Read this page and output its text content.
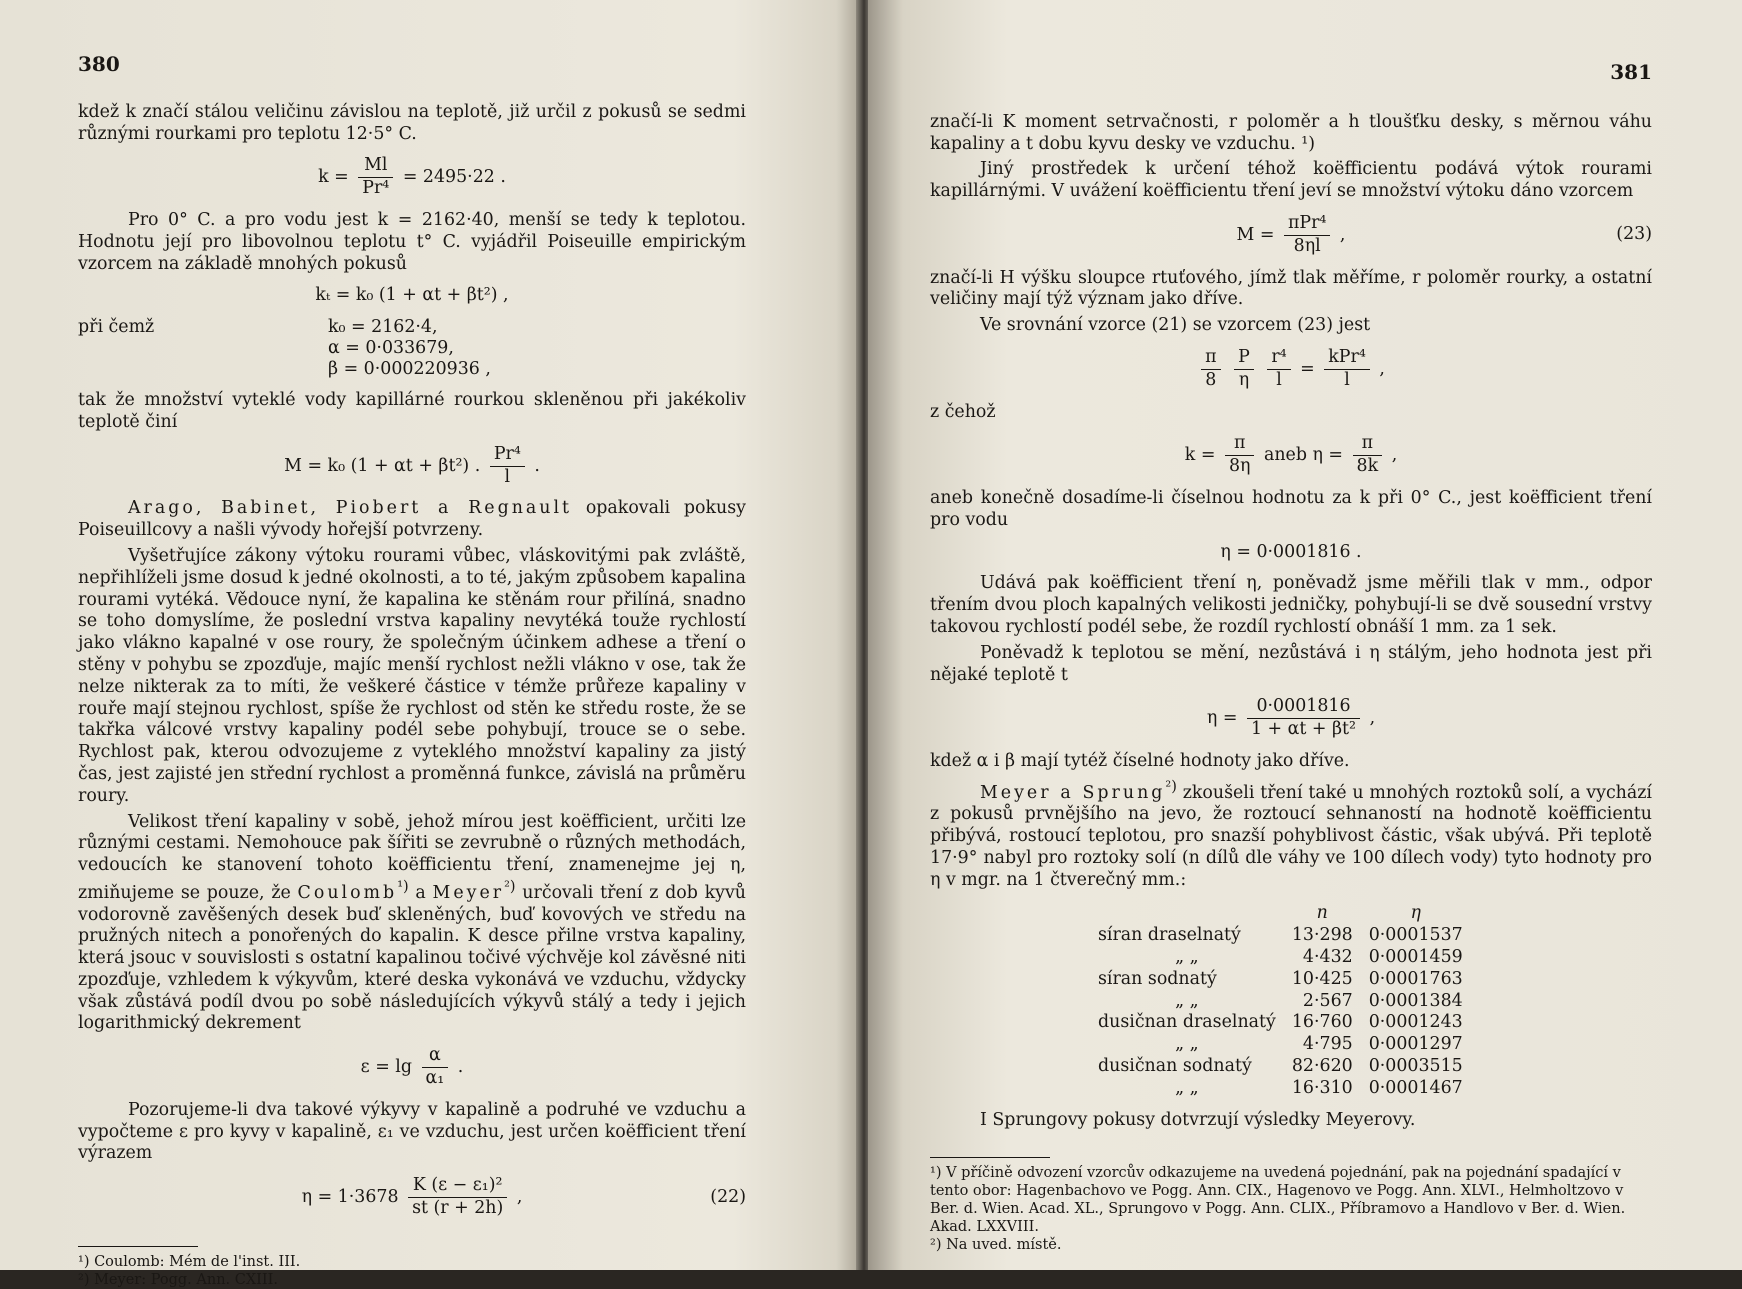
380

kdež k značí stálou veličinu závislou na teplotě, již určil z pokusů se sedmi různými rourkami pro teplotu 12·5° C.

$k = \frac{Ml}{\text{Pr⁴}} = 2495\cdot 22$ .

Pro 0° C. a pro vodu jest k = 2162·40, menší se tedy k teplotou. Hodnotu její pro libovolnou teplotu t° C. vyjádřil Poiseuille empirickým vzorcem na základě mnohých pokusů

kₜ = k₀ (1 + αt + βt²) ,
při čemž	k₀ = 2162·4,
α = 0·033679,
β = 0·000220936 ,

tak že množství vyteklé vody kapillárné rourkou skleněnou při jakékoliv teplotě činí

M = k₀ (1 + αt + βt²) . $\frac{\text{Pr⁴}}{l}$ .

Arago, Babinet, Piobert a Regnault opakovali pokusy Poiseuillcovy a našli vývody hořejší potvrzeny.

Vyšetřujíce zákony výtoku rourami vůbec, vláskovitými pak zvláště, nepřihlíželi jsme dosud k jedné okolnosti, a to té, jakým způsobem kapalina rourami vytéká. Vědouce nyní, že kapalina ke stěnám rour přilíná, snadno se toho domyslíme, že poslední vrstva kapaliny nevytéká touže rychlostí jako vlákno kapalné v ose roury, že společným účinkem adhese a tření o stěny v pohybu se zpozďuje, majíc menší rychlost nežli vlákno v ose, tak že nelze nikterak za to míti, že veškeré částice v témže průřeze kapaliny v rouře mají stejnou rychlost, spíše že rychlost od stěn ke středu roste, že se takřka válcové vrstvy kapaliny podél sebe pohybují, trouce se o sebe. Rychlost pak, kterou odvozujeme z vyteklého množství kapaliny za jistý čas, jest zajisté jen střední rychlost a proměnná funkce, závislá na průměru roury.

Velikost tření kapaliny v sobě, jehož mírou jest koëfficient, určiti lze různými cestami. Nemohouce pak šířiti se zevrubně o různých methodách, vedoucích ke stanovení tohoto koëfficientu tření, znamenejme jej η, zmiňujeme se pouze, že Coulomb$^{^1)}$ a Meyer$^{^2)}$ určovali tření z dob kyvů vodorovně zavěšených desek buď skleněných, buď kovových ve středu na pružných nitech a ponořených do kapalin. K desce přilne vrstva kapaliny, která jsouc v souvislosti s ostatní kapalinou točivé výchvěje kol závěsné niti zpozďuje, vzhledem k výkyvům, které deska vykonává ve vzduchu, vždycky však zůstává podíl dvou po sobě následujících výkyvů stálý a tedy i jejich logarithmický dekrement

$\varepsilon = \lg \frac{\alpha}{\text{α₁}}$ .

Pozorujeme-li dva takové výkyvy v kapalině a podruhé ve vzduchu a vypočteme ε pro kyvy v kapalině, ε₁ ve vzduchu, jest určen koëfficient tření výrazem

$\eta = 1\cdot 3678 \frac{\text{K (ε − ε₁)²}}{st (r + 2h)}$ ,	(22)
¹) Coulomb: Mém de l'inst. III.
²) Meyer: Pogg. Ann. CXIII.
381

značí-li K moment setrvačnosti, r poloměr a h tloušťku desky, s měrnou váhu kapaliny a t dobu kyvu desky ve vzduchu. ¹)

Jiný prostředek k určení téhož koëfficientu podává výtok rourami kapillárnými. V uvážení koëfficientu tření jeví se množství výtoku dáno vzorcem

$M = \frac{\text{πPr⁴}}{8\eta l}$ ,	(23)

značí-li H výšku sloupce rtuťového, jímž tlak měříme, r poloměr rourky, a ostatní veličiny mají týž význam jako dříve.

Ve srovnání vzorce (21) se vzorcem (23) jest

$\frac{\pi}{8}$
$\frac{P}{\eta}$
$\frac{\text{r⁴}}{l} = \frac{\text{kPr⁴}}{l}$ ,

z čehož

$k = \frac{\pi}{8\eta}$ aneb $\eta = \frac{\pi}{8k}$ ,

aneb konečně dosadíme-li číselnou hodnotu za k při 0° C., jest koëfficient tření pro vodu

η = 0·0001816 .

Udává pak koëfficient tření η, poněvadž jsme měřili tlak v mm., odpor třením dvou ploch kapalných velikosti jedničky, pohybují-li se dvě sousední vrstvy takovou rychlostí podél sebe, že rozdíl rychlostí obnáší 1 mm. za 1 sek.

Poněvadž k teplotou se mění, nezůstává i η stálým, jeho hodnota jest při nějaké teplotě t

$\eta = \frac{0\cdot 0001816}{\text{1 + αt + βt²}}$ ,

kdež α i β mají tytéž číselné hodnoty jako dříve.

Meyer a Sprung$^{^2)}$ zkoušeli tření také u mnohých roztoků solí, a vychází z pokusů prvnějšího na jevo, že roztoucí sehnaností na hodnotě koëfficientu přibývá, rostoucí teplotou, pro snazší pohyblivost částic, však ubývá. Při teplotě 17·9° nabyl pro roztoky solí (n dílů dle váhy ve 100 dílech vody) tyto hodnoty pro η v mgr. na 1 čtverečný mm.:

	n	η
síran draselnatý	13·298	0·0001537
„ „	4·432	0·0001459
síran sodnatý	10·425	0·0001763
„ „	2·567	0·0001384
dusičnan draselnatý	16·760	0·0001243
„ „	4·795	0·0001297
dusičnan sodnatý	82·620	0·0003515
„ „	16·310	0·0001467

I Sprungovy pokusy dotvrzují výsledky Meyerovy.

¹) V příčině odvození vzorcův odkazujeme na uvedená pojednání, pak na pojednání spadající v tento obor: Hagenbachovo ve Pogg. Ann. CIX., Hagenovo ve Pogg. Ann. XLVI., Helmholtzovo v Ber. d. Wien. Acad. XL., Sprungovo v Pogg. Ann. CLIX., Příbramovo a Handlovo v Ber. d. Wien. Akad. LXXVIII.
²) Na uved. místě.
